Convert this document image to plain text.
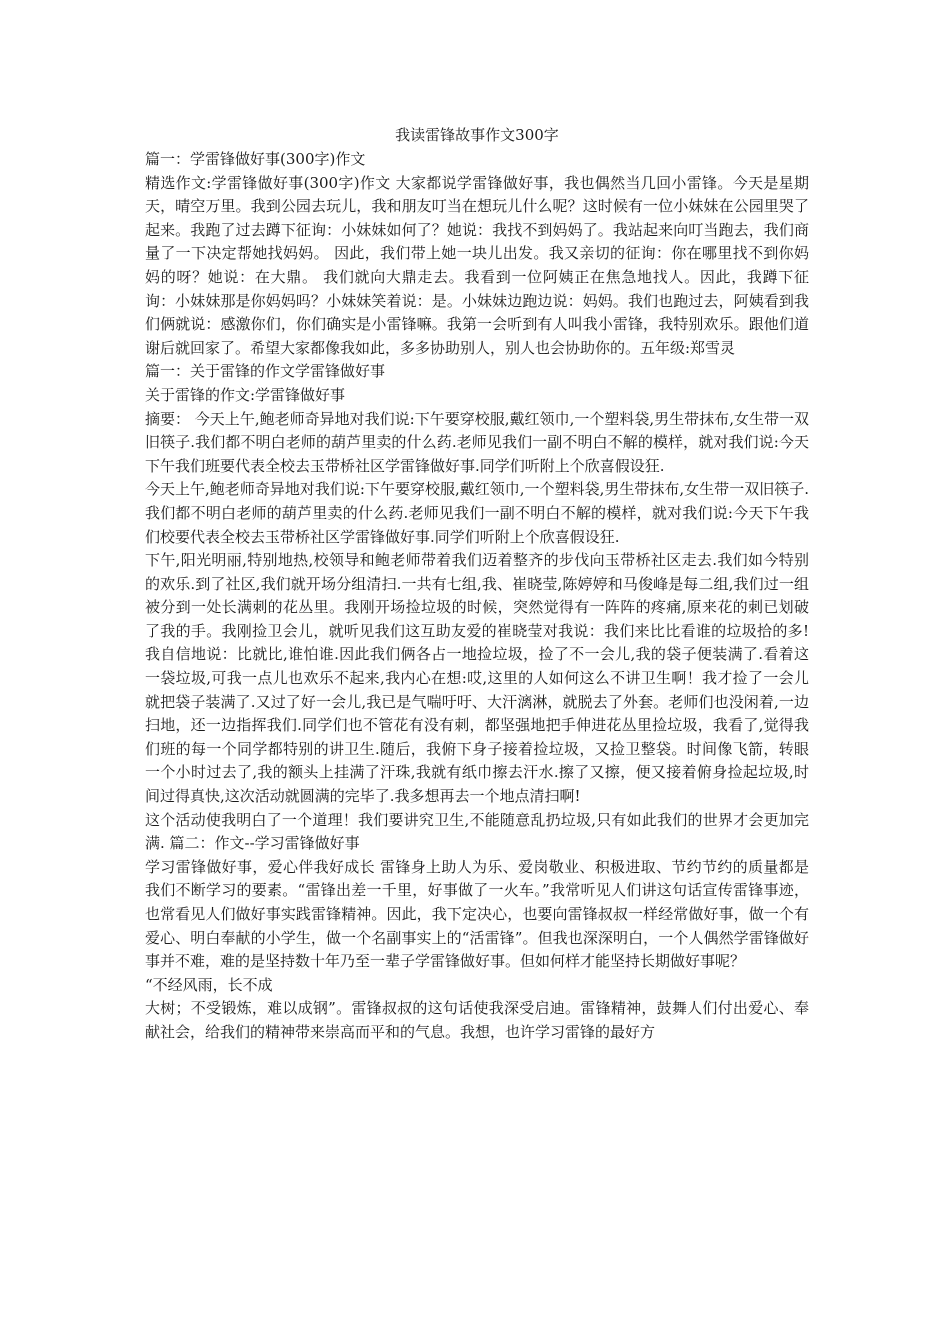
我读雷锋故事作文300字

篇一：学雷锋做好事(300字)作文

精选作文:学雷锋做好事(300字)作文 大家都说学雷锋做好事，我也偶然当几回小雷锋。今天是星期天，晴空万里。我到公园去玩儿，我和朋友叮当在想玩儿什么呢？这时候有一位小妹妹在公园里哭了起来。我跑了过去蹲下征询：小妹妹如何了？她说：我找不到妈妈了。我站起来向叮当跑去，我们商量了一下决定帮她找妈妈。 因此，我们带上她一块儿出发。我又亲切的征询：你在哪里找不到你妈妈的呀？她说：在大鼎。 我们就向大鼎走去。我看到一位阿姨正在焦急地找人。因此，我蹲下征询：小妹妹那是你妈妈吗？小妹妹笑着说：是。小妹妹边跑边说：妈妈。我们也跑过去，阿姨看到我们俩就说：感激你们，你们确实是小雷锋嘛。我第一会听到有人叫我小雷锋，我特别欢乐。跟他们道谢后就回家了。希望大家都像我如此，多多协助别人，别人也会协助你的。五年级:郑雪灵

篇一：关于雷锋的作文学雷锋做好事

关于雷锋的作文:学雷锋做好事

摘要： 今天上午,鲍老师奇异地对我们说:下午要穿校服,戴红领巾,一个塑料袋,男生带抹布,女生带一双旧筷子.我们都不明白老师的葫芦里卖的什么药.老师见我们一副不明白不解的模样，就对我们说:今天下午我们班要代表全校去玉带桥社区学雷锋做好事.同学们听附上个欣喜假设狂.

今天上午,鲍老师奇异地对我们说:下午要穿校服,戴红领巾,一个塑料袋,男生带抹布,女生带一双旧筷子.我们都不明白老师的葫芦里卖的什么药.老师见我们一副不明白不解的模样，就对我们说:今天下午我们校要代表全校去玉带桥社区学雷锋做好事.同学们听附上个欣喜假设狂.

下午,阳光明丽,特别地热,校领导和鲍老师带着我们迈着整齐的步伐向玉带桥社区走去.我们如今特别的欢乐.到了社区,我们就开场分组清扫.一共有七组,我、崔晓莹,陈婷婷和马俊峰是每二组,我们过一组被分到一处长满刺的花丛里。我刚开场捡垃圾的时候，突然觉得有一阵阵的疼痛,原来花的刺已划破了我的手。我刚捡卫会儿，就听见我们这互助友爱的崔晓莹对我说：我们来比比看谁的垃圾拾的多!我自信地说：比就比,谁怕谁.因此我们俩各占一地捡垃圾，捡了不一会儿,我的袋子便装满了.看着这一袋垃圾,可我一点儿也欢乐不起来,我内心在想:哎,这里的人如何这么不讲卫生啊！我才捡了一会儿就把袋子装满了.又过了好一会儿,我已是气喘吁吁、大汗漓淋，就脱去了外套。老师们也没闲着,一边扫地，还一边指挥我们.同学们也不管花有没有刺，都坚强地把手伸进花丛里捡垃圾，我看了,觉得我们班的每一个同学都特别的讲卫生.随后，我俯下身子接着捡垃圾，又捡卫整袋。时间像飞箭，转眼一个小时过去了,我的额头上挂满了汗珠,我就有纸巾擦去汗水.擦了又擦，便又接着俯身捡起垃圾,时间过得真快,这次活动就圆满的完毕了.我多想再去一个地点清扫啊!

这个活动使我明白了一个道理！我们要讲究卫生,不能随意乱扔垃圾,只有如此我们的世界才会更加完满. 篇二：作文--学习雷锋做好事

学习雷锋做好事，爱心伴我好成长 雷锋身上助人为乐、爱岗敬业、积极进取、节约节约的质量都是我们不断学习的要素。“雷锋出差一千里，好事做了一火车。”我常听见人们讲这句话宣传雷锋事迹，也常看见人们做好事实践雷锋精神。因此，我下定决心，也要向雷锋叔叔一样经常做好事，做一个有爱心、明白奉献的小学生，做一个名副事实上的“活雷锋”。但我也深深明白，一个人偶然学雷锋做好事并不难，难的是坚持数十年乃至一辈子学雷锋做好事。但如何样才能坚持长期做好事呢？

“不经风雨，长不成

大树；不受锻炼，难以成钢”。雷锋叔叔的这句话使我深受启迪。雷锋精神，鼓舞人们付出爱心、奉献社会，给我们的精神带来崇高而平和的气息。我想，也许学习雷锋的最好方
